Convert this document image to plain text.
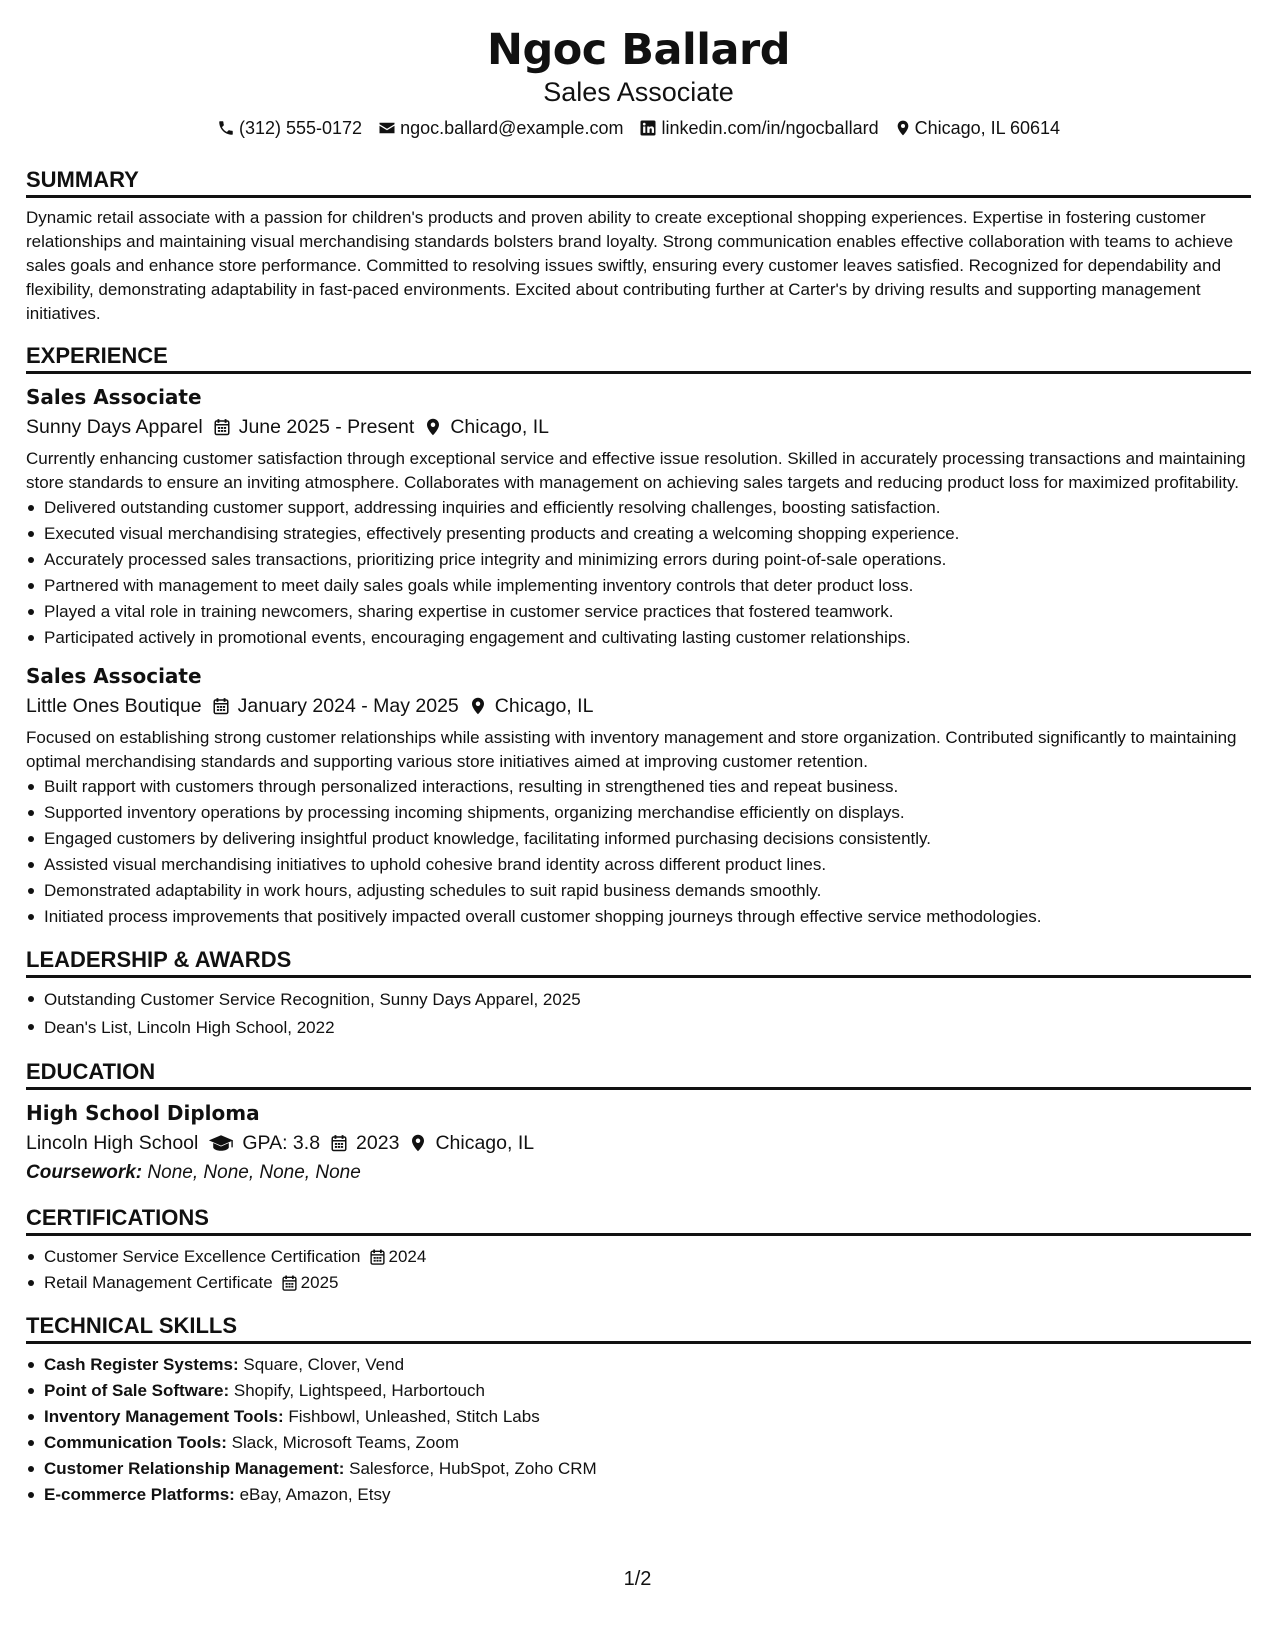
Ngoc Ballard
Sales Associate
(312) 555-0172 ngoc.ballard@example.com linkedin.com/in/ngocballard Chicago, IL 60614
SUMMARY

Dynamic retail associate with a passion for children's products and proven ability to create exceptional shopping experiences. Expertise in fostering customer relationships and maintaining visual merchandising standards bolsters brand loyalty. Strong communication enables effective collaboration with teams to achieve sales goals and enhance store performance. Committed to resolving issues swiftly, ensuring every customer leaves satisfied. Recognized for dependability and flexibility, demonstrating adaptability in fast-paced environments. Excited about contributing further at Carter's by driving results and supporting management initiatives.

EXPERIENCE
Sales Associate
Sunny Days Apparel June 2025 - Present Chicago, IL

Currently enhancing customer satisfaction through exceptional service and effective issue resolution. Skilled in accurately processing transactions and maintaining store standards to ensure an inviting atmosphere. Collaborates with management on achieving sales targets and reducing product loss for maximized profitability.

Delivered outstanding customer support, addressing inquiries and efficiently resolving challenges, boosting satisfaction.
Executed visual merchandising strategies, effectively presenting products and creating a welcoming shopping experience.
Accurately processed sales transactions, prioritizing price integrity and minimizing errors during point-of-sale operations.
Partnered with management to meet daily sales goals while implementing inventory controls that deter product loss.
Played a vital role in training newcomers, sharing expertise in customer service practices that fostered teamwork.
Participated actively in promotional events, encouraging engagement and cultivating lasting customer relationships.
Sales Associate
Little Ones Boutique January 2024 - May 2025 Chicago, IL

Focused on establishing strong customer relationships while assisting with inventory management and store organization. Contributed significantly to maintaining optimal merchandising standards and supporting various store initiatives aimed at improving customer retention.

Built rapport with customers through personalized interactions, resulting in strengthened ties and repeat business.
Supported inventory operations by processing incoming shipments, organizing merchandise efficiently on displays.
Engaged customers by delivering insightful product knowledge, facilitating informed purchasing decisions consistently.
Assisted visual merchandising initiatives to uphold cohesive brand identity across different product lines.
Demonstrated adaptability in work hours, adjusting schedules to suit rapid business demands smoothly.
Initiated process improvements that positively impacted overall customer shopping journeys through effective service methodologies.
LEADERSHIP & AWARDS
Outstanding Customer Service Recognition, Sunny Days Apparel, 2025
Dean's List, Lincoln High School, 2022
EDUCATION
High School Diploma
Lincoln High School GPA: 3.8 2023 Chicago, IL
Coursework: None, None, None, None
CERTIFICATIONS
Customer Service Excellence Certification 2024
Retail Management Certificate 2025
TECHNICAL SKILLS
Cash Register Systems: Square, Clover, Vend
Point of Sale Software: Shopify, Lightspeed, Harbortouch
Inventory Management Tools: Fishbowl, Unleashed, Stitch Labs
Communication Tools: Slack, Microsoft Teams, Zoom
Customer Relationship Management: Salesforce, HubSpot, Zoho CRM
E-commerce Platforms: eBay, Amazon, Etsy
1/2
